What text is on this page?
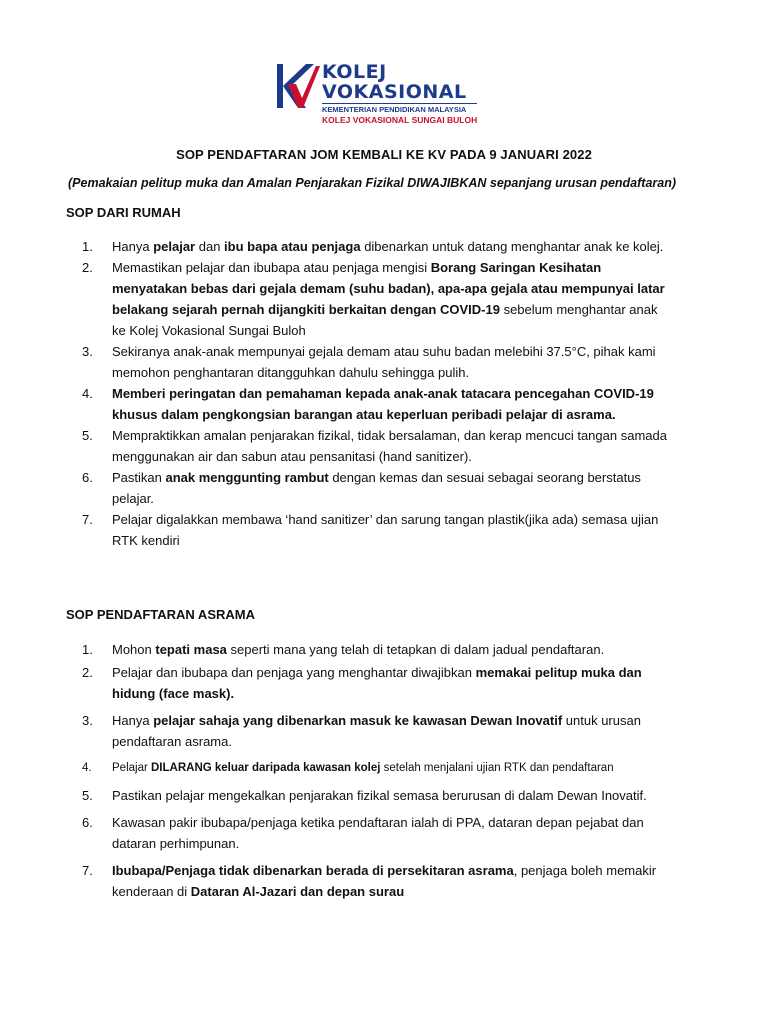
KOLEJ
VOKASIONAL
KEMENTERIAN PENDIDIKAN MALAYSIA
KOLEJ VOKASIONAL SUNGAI BULOH
SOP PENDAFTARAN JOM KEMBALI KE KV PADA 9 JANUARI 2022
(Pemakaian pelitup muka dan Amalan Penjarakan Fizikal DIWAJIBKAN sepanjang urusan pendaftaran)
SOP DARI RUMAH
1.	Hanya pelajar dan ibu bapa atau penjaga dibenarkan untuk datang menghantar anak ke kolej.
2.	Memastikan pelajar dan ibubapa atau penjaga mengisi Borang Saringan Kesihatan menyatakan bebas dari gejala demam (suhu badan), apa-apa gejala atau mempunyai latar belakang sejarah pernah dijangkiti berkaitan dengan COVID-19 sebelum menghantar anak ke Kolej Vokasional Sungai Buloh
3.	Sekiranya anak-anak mempunyai gejala demam atau suhu badan melebihi 37.5°C, pihak kami memohon penghantaran ditangguhkan dahulu sehingga pulih.
4.	Memberi peringatan dan pemahaman kepada anak-anak tatacara pencegahan COVID-19 khusus dalam pengkongsian barangan atau keperluan peribadi pelajar di asrama.
5.	Mempraktikkan amalan penjarakan fizikal, tidak bersalaman, dan kerap mencuci tangan samada menggunakan air dan sabun atau pensanitasi (hand sanitizer).
6.	Pastikan anak menggunting rambut dengan kemas dan sesuai sebagai seorang berstatus pelajar.
7.	Pelajar digalakkan membawa ‘hand sanitizer’ dan sarung tangan plastik(jika ada) semasa ujian RTK kendiri
SOP PENDAFTARAN ASRAMA
1.	Mohon tepati masa seperti mana yang telah di tetapkan di dalam jadual pendaftaran.
2.	Pelajar dan ibubapa dan penjaga yang menghantar diwajibkan memakai pelitup muka dan hidung (face mask).
3.	Hanya pelajar sahaja yang dibenarkan masuk ke kawasan Dewan Inovatif untuk urusan pendaftaran asrama.
4.	Pelajar DILARANG keluar daripada kawasan kolej setelah menjalani ujian RTK dan pendaftaran
5.	Pastikan pelajar mengekalkan penjarakan fizikal semasa berurusan di dalam Dewan Inovatif.
6.	Kawasan pakir ibubapa/penjaga ketika pendaftaran ialah di PPA, dataran depan pejabat dan dataran perhimpunan.
7.	Ibubapa/Penjaga tidak dibenarkan berada di persekitaran asrama, penjaga boleh memakir kenderaan di Dataran Al-Jazari dan depan surau
